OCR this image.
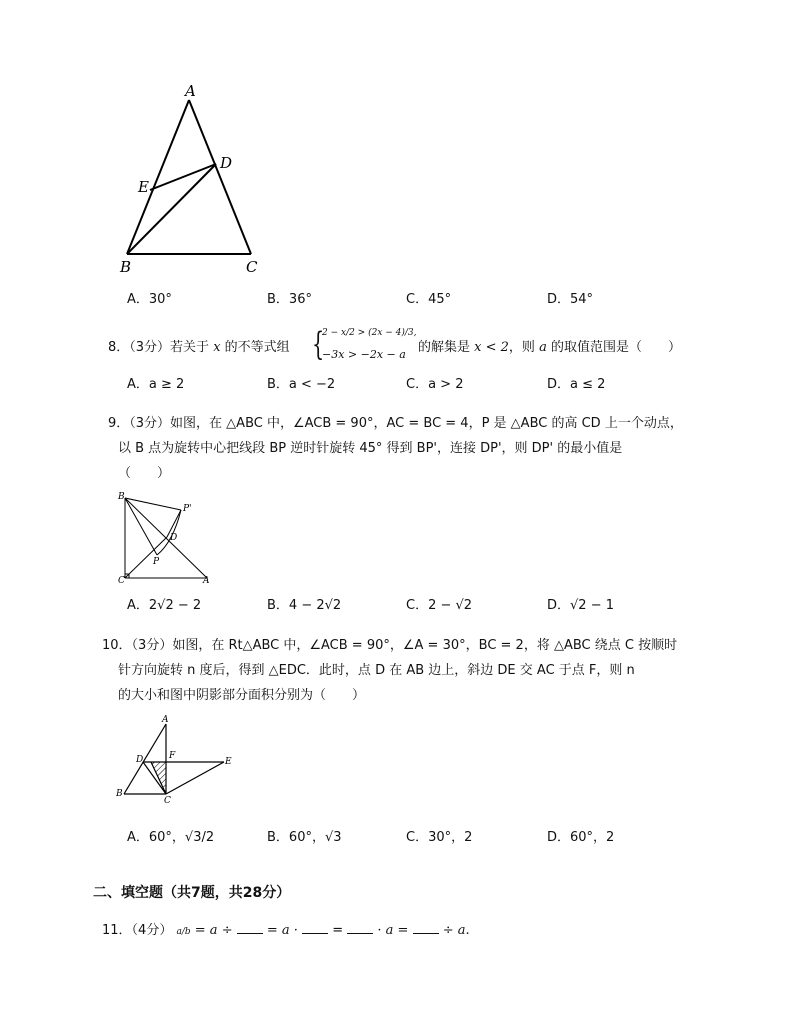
A
D
E
B	C
A．30°	B．36°	C．45°	D．54°
8．（3分）若关于 x 的不等式组 {
2 − x/2 > (2x − 4)/3,
−3x > −2x − a 的解集是 x < 2，则 a 的取值范围是（　　）
A．a ≥ 2	B．a < −2	C．a > 2	D．a ≤ 2
9．（3分）如图，在 △ABC 中，∠ACB = 90°，AC = BC = 4，P 是 △ABC 的高 CD 上一个动点，
以 B 点为旋转中心把线段 BP 逆时针旋转 45° 得到 BP'，连接 DP'，则 DP' 的最小值是
（　　）
B
P'
D
P
C	A
A．2√2 − 2	B．4 − 2√2	C．2 − √2	D．√2 − 1
10．（3分）如图，在 Rt△ABC 中，∠ACB = 90°，∠A = 30°，BC = 2，将 △ABC 绕点 C 按顺时
针方向旋转 n 度后，得到 △EDC．此时，点 D 在 AB 边上，斜边 DE 交 AC 于点 F，则 n
的大小和图中阴影部分面积分别为（　　）
A
D	F
E
B
C
A．60°，√3/2	B．60°，√3	C．30°，2	D．60°，2
二、填空题（共7题，共28分）
11．（4分） a/b = a ÷	= a ·	=	· a =	÷ a.
